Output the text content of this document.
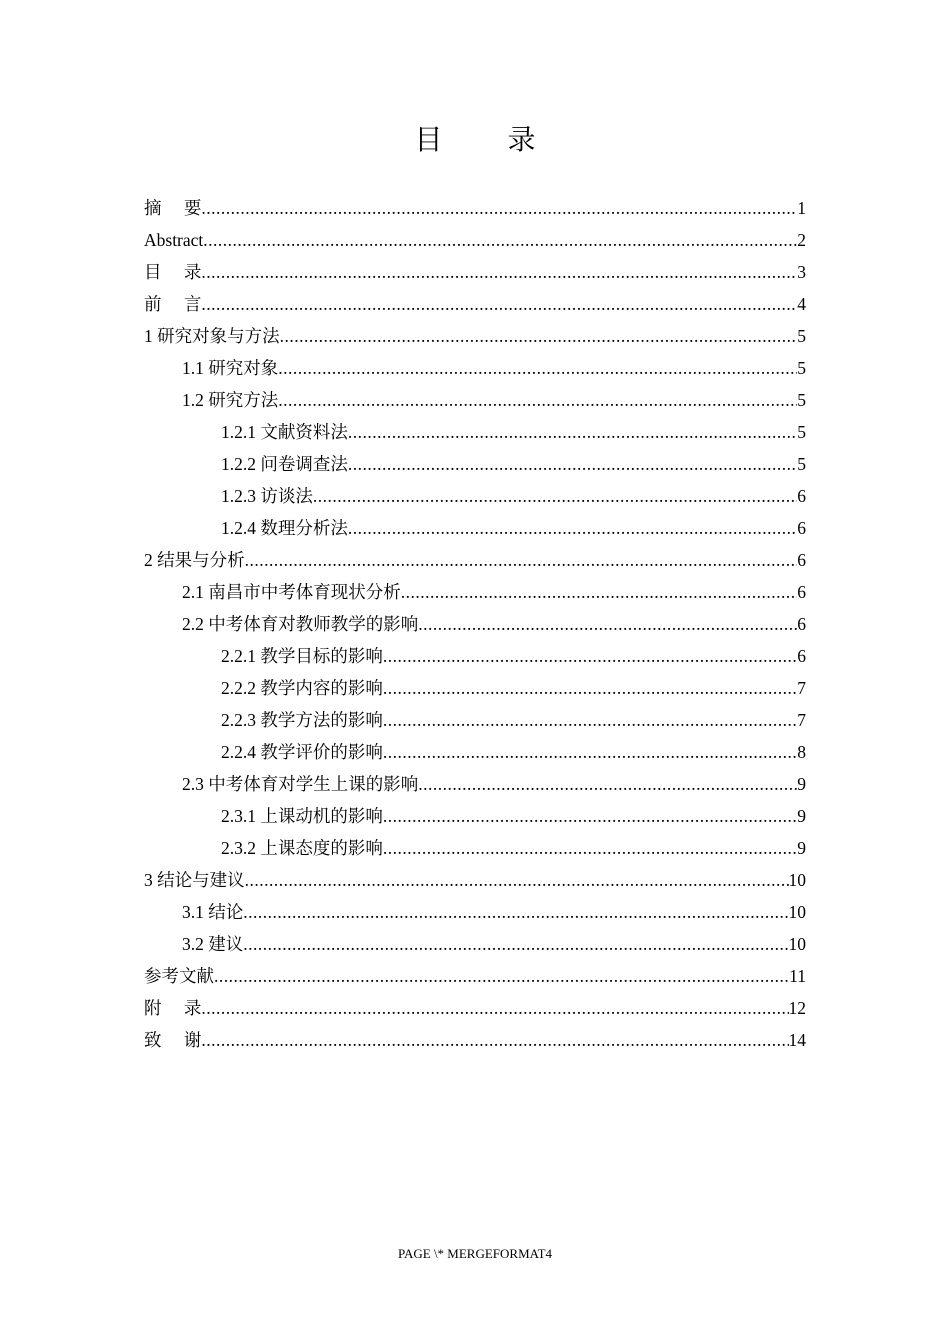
目 录
摘 要 .....	1
Abstract .....	2
目 录 .....	3
前 言 .....	4
1 研究对象与方法 .....	5
1.1 研究对象 .....	5
1.2 研究方法 .....	5
1.2.1 文献资料法 .....	5
1.2.2 问卷调查法 .....	5
1.2.3 访谈法 .....	6
1.2.4 数理分析法 .....	6
2 结果与分析 .....	6
2.1 南昌市中考体育现状分析 .....	6
2.2 中考体育对教师教学的影响 .....	6
2.2.1 教学目标的影响 .....	6
2.2.2 教学内容的影响 .....	7
2.2.3 教学方法的影响 .....	7
2.2.4 教学评价的影响 .....	8
2.3 中考体育对学生上课的影响 .....	9
2.3.1 上课动机的影响 .....	9
2.3.2 上课态度的影响 .....	9
3 结论与建议 .....	10
3.1 结论 .....	10
3.2 建议 .....	10
参考文献 .....	11
附 录 .....	12
致 谢 .....	14
PAGE \* MERGEFORMAT4
